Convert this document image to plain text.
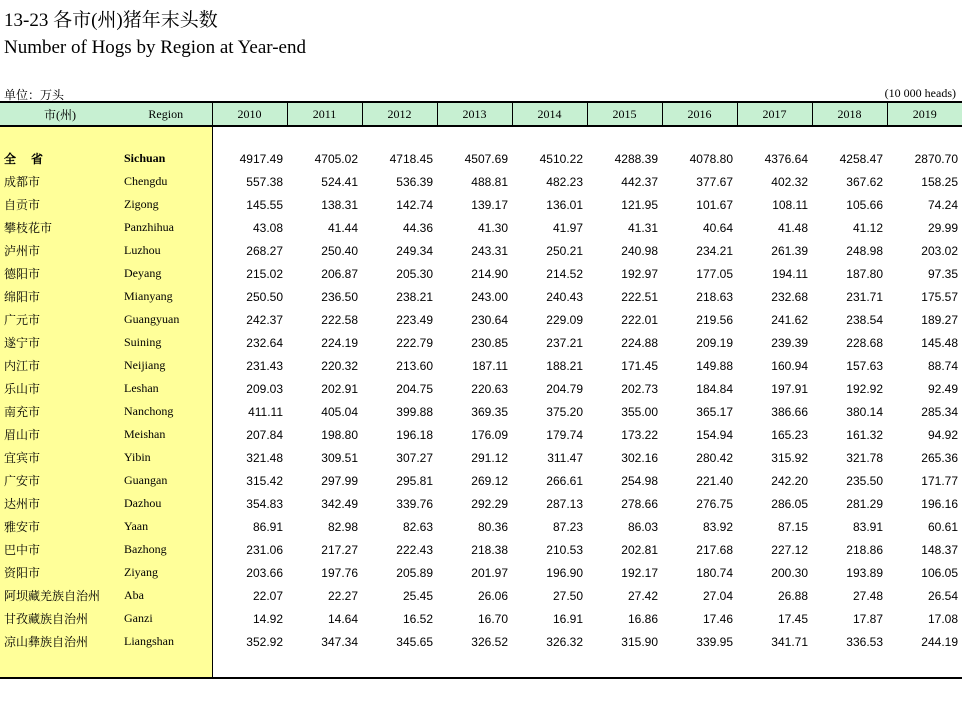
13-23 各市(州)猪年末头数
Number of Hogs by Region at Year-end
单位：万头	(10 000 heads)
市(州)	Region	2010	2011	2012	2013	2014	2015	2016	2017	2018	2019

全 省	Sichuan	4917.49	4705.02	4718.45	4507.69	4510.22	4288.39	4078.80	4376.64	4258.47	2870.70
成都市	Chengdu	557.38	524.41	536.39	488.81	482.23	442.37	377.67	402.32	367.62	158.25
自贡市	Zigong	145.55	138.31	142.74	139.17	136.01	121.95	101.67	108.11	105.66	74.24
攀枝花市	Panzhihua	43.08	41.44	44.36	41.30	41.97	41.31	40.64	41.48	41.12	29.99
泸州市	Luzhou	268.27	250.40	249.34	243.31	250.21	240.98	234.21	261.39	248.98	203.02
德阳市	Deyang	215.02	206.87	205.30	214.90	214.52	192.97	177.05	194.11	187.80	97.35
绵阳市	Mianyang	250.50	236.50	238.21	243.00	240.43	222.51	218.63	232.68	231.71	175.57
广元市	Guangyuan	242.37	222.58	223.49	230.64	229.09	222.01	219.56	241.62	238.54	189.27
遂宁市	Suining	232.64	224.19	222.79	230.85	237.21	224.88	209.19	239.39	228.68	145.48
内江市	Neijiang	231.43	220.32	213.60	187.11	188.21	171.45	149.88	160.94	157.63	88.74
乐山市	Leshan	209.03	202.91	204.75	220.63	204.79	202.73	184.84	197.91	192.92	92.49
南充市	Nanchong	411.11	405.04	399.88	369.35	375.20	355.00	365.17	386.66	380.14	285.34
眉山市	Meishan	207.84	198.80	196.18	176.09	179.74	173.22	154.94	165.23	161.32	94.92
宜宾市	Yibin	321.48	309.51	307.27	291.12	311.47	302.16	280.42	315.92	321.78	265.36
广安市	Guangan	315.42	297.99	295.81	269.12	266.61	254.98	221.40	242.20	235.50	171.77
达州市	Dazhou	354.83	342.49	339.76	292.29	287.13	278.66	276.75	286.05	281.29	196.16
雅安市	Yaan	86.91	82.98	82.63	80.36	87.23	86.03	83.92	87.15	83.91	60.61
巴中市	Bazhong	231.06	217.27	222.43	218.38	210.53	202.81	217.68	227.12	218.86	148.37
资阳市	Ziyang	203.66	197.76	205.89	201.97	196.90	192.17	180.74	200.30	193.89	106.05
阿坝藏羌族自治州	Aba	22.07	22.27	25.45	26.06	27.50	27.42	27.04	26.88	27.48	26.54
甘孜藏族自治州	Ganzi	14.92	14.64	16.52	16.70	16.91	16.86	17.46	17.45	17.87	17.08
凉山彝族自治州	Liangshan	352.92	347.34	345.65	326.52	326.32	315.90	339.95	341.71	336.53	244.19
